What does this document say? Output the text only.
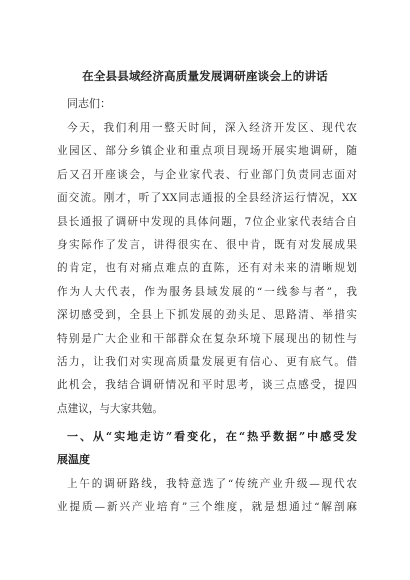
在全县县域经济高质量发展调研座谈会上的讲话
同志们：
今天，我们利用一整天时间，深入经济开发区、现代农
业园区、部分乡镇企业和重点项目现场开展实地调研，随
后又召开座谈会，与企业家代表、行业部门负责同志面对
面交流。刚才，听了XX同志通报的全县经济运行情况，XX
县长通报了调研中发现的具体问题，7位企业家代表结合自
身实际作了发言，讲得很实在、很中肯，既有对发展成果
的肯定，也有对痛点难点的直陈，还有对未来的清晰规划
作为人大代表，作为服务县域发展的“一线参与者”，我
深切感受到，全县上下抓发展的劲头足、思路清、举措实
特别是广大企业和干部群众在复杂环境下展现出的韧性与
活力，让我们对实现高质量发展更有信心、更有底气。借
此机会，我结合调研情况和平时思考，谈三点感受，提四
点建议，与大家共勉。
一、从“实地走访”看变化，在“热乎数据”中感受发
展温度
上午的调研路线，我特意选了“传统产业升级—现代农
业提质—新兴产业培育”三个维度，就是想通过“解剖麻
